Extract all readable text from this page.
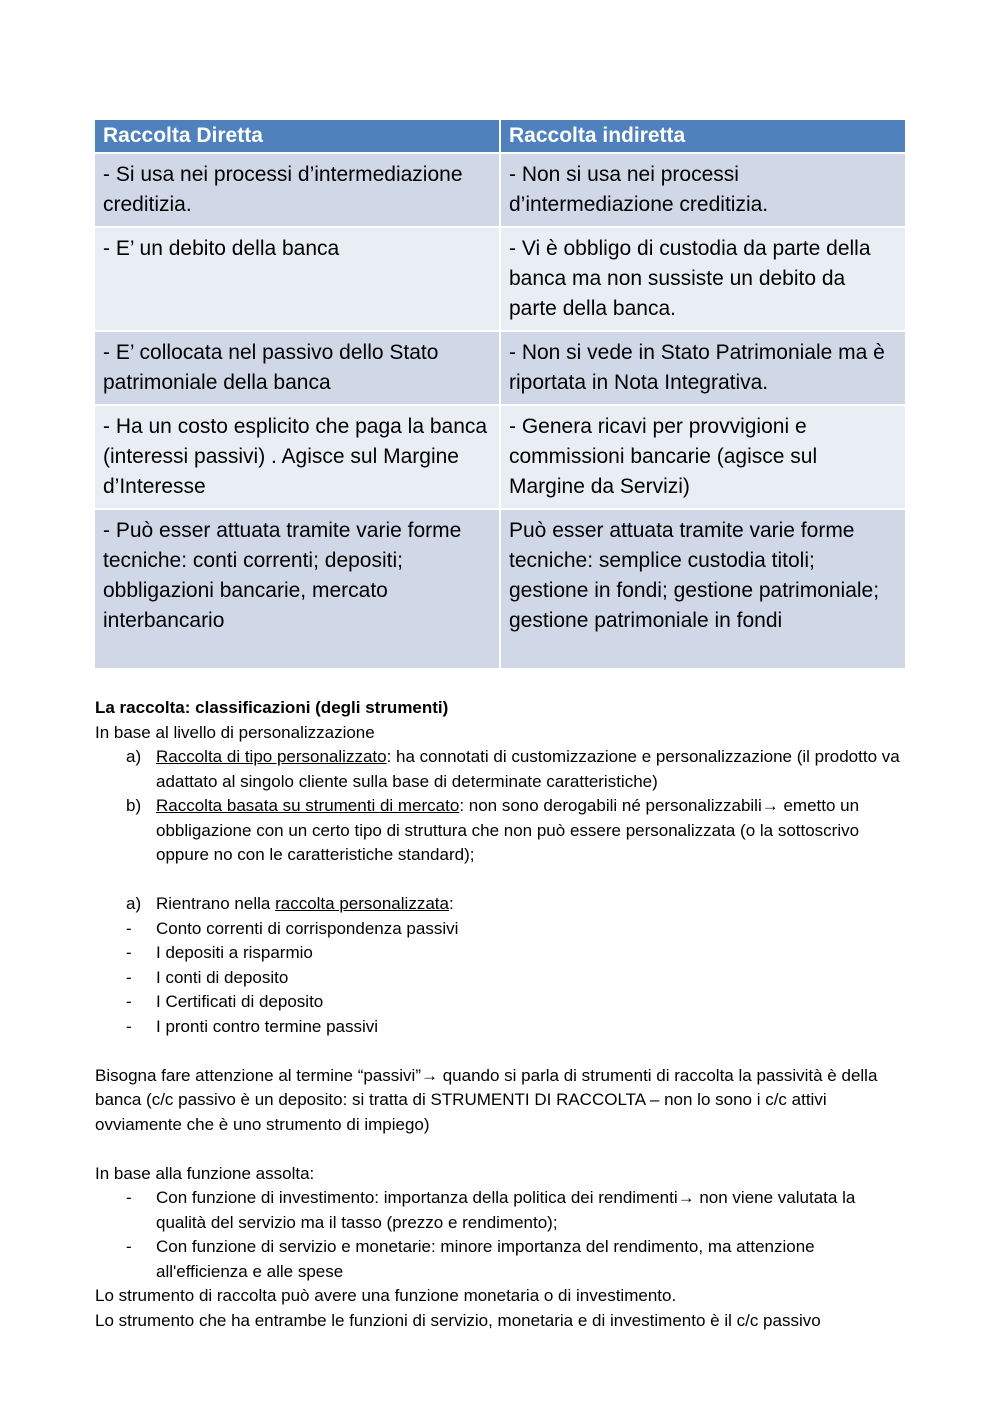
Raccolta Diretta	Raccolta indiretta
- Si usa nei processi d’intermediazione creditizia.	- Non si usa nei processi d’intermediazione creditizia.
- E’ un debito della banca	- Vi è obbligo di custodia da parte della banca ma non sussiste un debito da parte della banca.
- E’ collocata nel passivo dello Stato patrimoniale della banca	- Non si vede in Stato Patrimoniale ma è riportata in Nota Integrativa.
- Ha un costo esplicito che paga la banca (interessi passivi) . Agisce sul Margine d’Interesse	- Genera ricavi per provvigioni e commissioni bancarie (agisce sul Margine da Servizi)
- Può esser attuata tramite varie forme tecniche: conti correnti; depositi; obbligazioni bancarie, mercato interbancario	Può esser attuata tramite varie forme tecniche: semplice custodia titoli; gestione in fondi; gestione patrimoniale; gestione patrimoniale in fondi

La raccolta: classificazioni (degli strumenti)

In base al livello di personalizzazione

a) Raccolta di tipo personalizzato: ha connotati di customizzazione e personalizzazione (il prodotto va adattato al singolo cliente sulla base di determinate caratteristiche)

b) Raccolta basata su strumenti di mercato: non sono derogabili né personalizzabili→ emetto un obbligazione con un certo tipo di struttura che non può essere personalizzata (o la sottoscrivo oppure no con le caratteristiche standard);

a) Rientrano nella raccolta personalizzata:

- Conto correnti di corrispondenza passivi

- I depositi a risparmio

- I conti di deposito

- I Certificati di deposito

- I pronti contro termine passivi

Bisogna fare attenzione al termine “passivi”→ quando si parla di strumenti di raccolta la passività è della banca (c/c passivo è un deposito: si tratta di STRUMENTI DI RACCOLTA – non lo sono i c/c attivi ovviamente che è uno strumento di impiego)

In base alla funzione assolta:

- Con funzione di investimento: importanza della politica dei rendimenti→ non viene valutata la qualità del servizio ma il tasso (prezzo e rendimento);

- Con funzione di servizio e monetarie: minore importanza del rendimento, ma attenzione all'efficienza e alle spese

Lo strumento di raccolta può avere una funzione monetaria o di investimento.

Lo strumento che ha entrambe le funzioni di servizio, monetaria e di investimento è il c/c passivo
